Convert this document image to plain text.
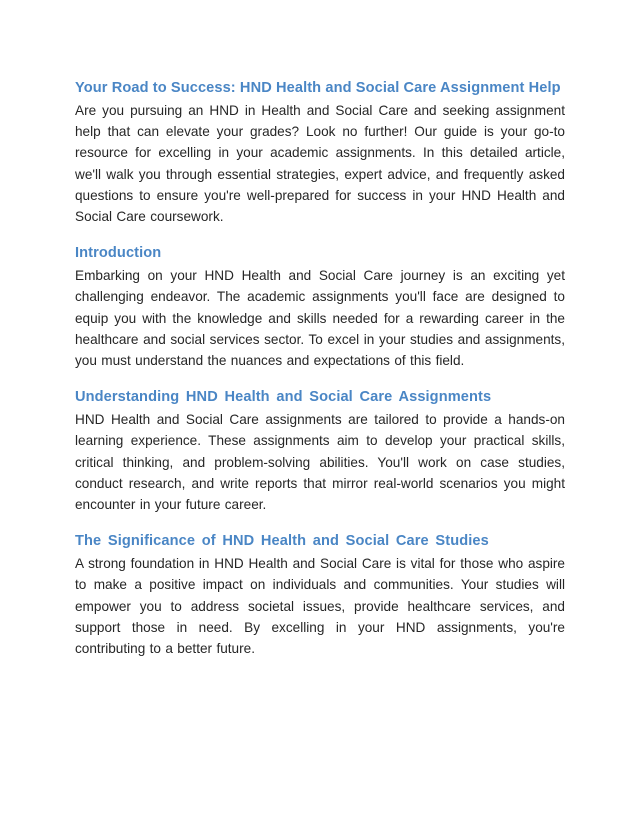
Your Road to Success: HND Health and Social Care Assignment Help

Are you pursuing an HND in Health and Social Care and seeking assignment help that can elevate your grades? Look no further! Our guide is your go-to resource for excelling in your academic assignments. In this detailed article, we'll walk you through essential strategies, expert advice, and frequently asked questions to ensure you're well-prepared for success in your HND Health and Social Care coursework.

Introduction

Embarking on your HND Health and Social Care journey is an exciting yet challenging endeavor. The academic assignments you'll face are designed to equip you with the knowledge and skills needed for a rewarding career in the healthcare and social services sector. To excel in your studies and assignments, you must understand the nuances and expectations of this field.

Understanding HND Health and Social Care Assignments

HND Health and Social Care assignments are tailored to provide a hands-on learning experience. These assignments aim to develop your practical skills, critical thinking, and problem-solving abilities. You'll work on case studies, conduct research, and write reports that mirror real-world scenarios you might encounter in your future career.

The Significance of HND Health and Social Care Studies

A strong foundation in HND Health and Social Care is vital for those who aspire to make a positive impact on individuals and communities. Your studies will empower you to address societal issues, provide healthcare services, and support those in need. By excelling in your HND assignments, you're contributing to a better future.
